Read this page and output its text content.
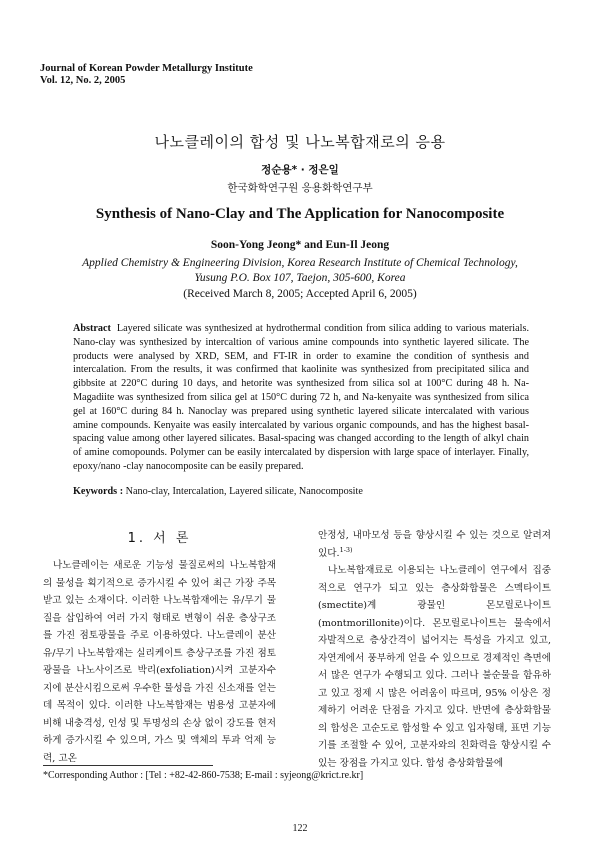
Journal of Korean Powder Metallurgy Institute
Vol. 12, No. 2, 2005
나노클레이의 합성 및 나노복합재로의 응용
정순용* · 정은일
한국화학연구원 응용화학연구부
Synthesis of Nano-Clay and The Application for Nanocomposite
Soon-Yong Jeong* and Eun-Il Jeong
Applied Chemistry & Engineering Division, Korea Research Institute of Chemical Technology,
Yusung P.O. Box 107, Taejon, 305-600, Korea
(Received March 8, 2005; Accepted April 6, 2005)
Abstract Layered silicate was synthesized at hydrothermal condition from silica adding to various materials. Nano-clay was synthesized by intercaltion of various amine compounds into synthetic layered silicate. The products were analysed by XRD, SEM, and FT-IR in order to examine the condition of synthesis and intercalation. From the results, it was confirmed that kaolinite was synthesized from precipitated silica and gibbsite at 220°C during 10 days, and hetorite was synthesized from silica sol at 100°C during 48 h. Na-Magadiite was synthesized from silica gel at 150°C during 72 h, and Na-kenyaite was synthesized from silica gel at 160°C during 84 h. Nanoclay was prepared using synthetic layered silicate intercalated with various amine compounds. Kenyaite was easily intercalated by various organic compounds, and has the highest basal-spacing value among other layered silicates. Basal-spacing was changed according to the length of alkyl chain of amine comopounds. Polymer can be easily intercalated by dispersion with large space of interlayer. Finally, epoxy/nano -clay nanocomposite can be easily prepared.
Keywords : Nano-clay, Intercalation, Layered silicate, Nanocomposite
1. 서 론

나노클레이는 새로운 기능성 물질로써의 나노복합재의 물성을 획기적으로 증가시킬 수 있어 최근 가장 주목받고 있는 소재이다. 이러한 나노복합재에는 유/무기 물질을 삽입하여 여러 가지 형태로 변형이 쉬운 층상구조를 가진 점토광물을 주로 이용하였다. 나노클레이 분산 유/무기 나노복합재는 실리케이트 층상구조를 가진 점토광물을 나노사이즈로 박리(exfoliation)시켜 고분자수지에 분산시킴으로써 우수한 물성을 가진 신소재를 얻는데 목적이 있다. 이러한 나노복합재는 범용성 고분자에 비해 내충격성, 인성 및 투명성의 손상 없이 강도를 현저하게 증가시킬 수 있으며, 가스 및 액체의 투과 억제 능력, 고온

안정성, 내마모성 등을 향상시킬 수 있는 것으로 알려져 있다.$^{1-3)}$

나노복합재료로 이용되는 나노클레이 연구에서 집중적으로 연구가 되고 있는 층상화합물은 스멕타이트(smectite)계 광물인 몬모릴로나이트(montmorillonite)이다. 몬모릴로나이트는 물속에서 자발적으로 층상간격이 넓어지는 특성을 가지고 있고, 자연계에서 풍부하게 얻을 수 있으므로 경제적인 측면에서 많은 연구가 수행되고 있다. 그러나 불순물을 함유하고 있고 정제 시 많은 어려움이 따르며, 95% 이상은 정제하기 어려운 단점을 가지고 있다. 반면에 층상화합물의 합성은 고순도로 합성할 수 있고 입자형태, 표면 기능기를 조절할 수 있어, 고분자와의 친화력을 향상시킬 수 있는 장점을 가지고 있다. 합성 층상화합물에

*Corresponding Author : [Tel : +82-42-860-7538; E-mail : syjeong@krict.re.kr]
122
